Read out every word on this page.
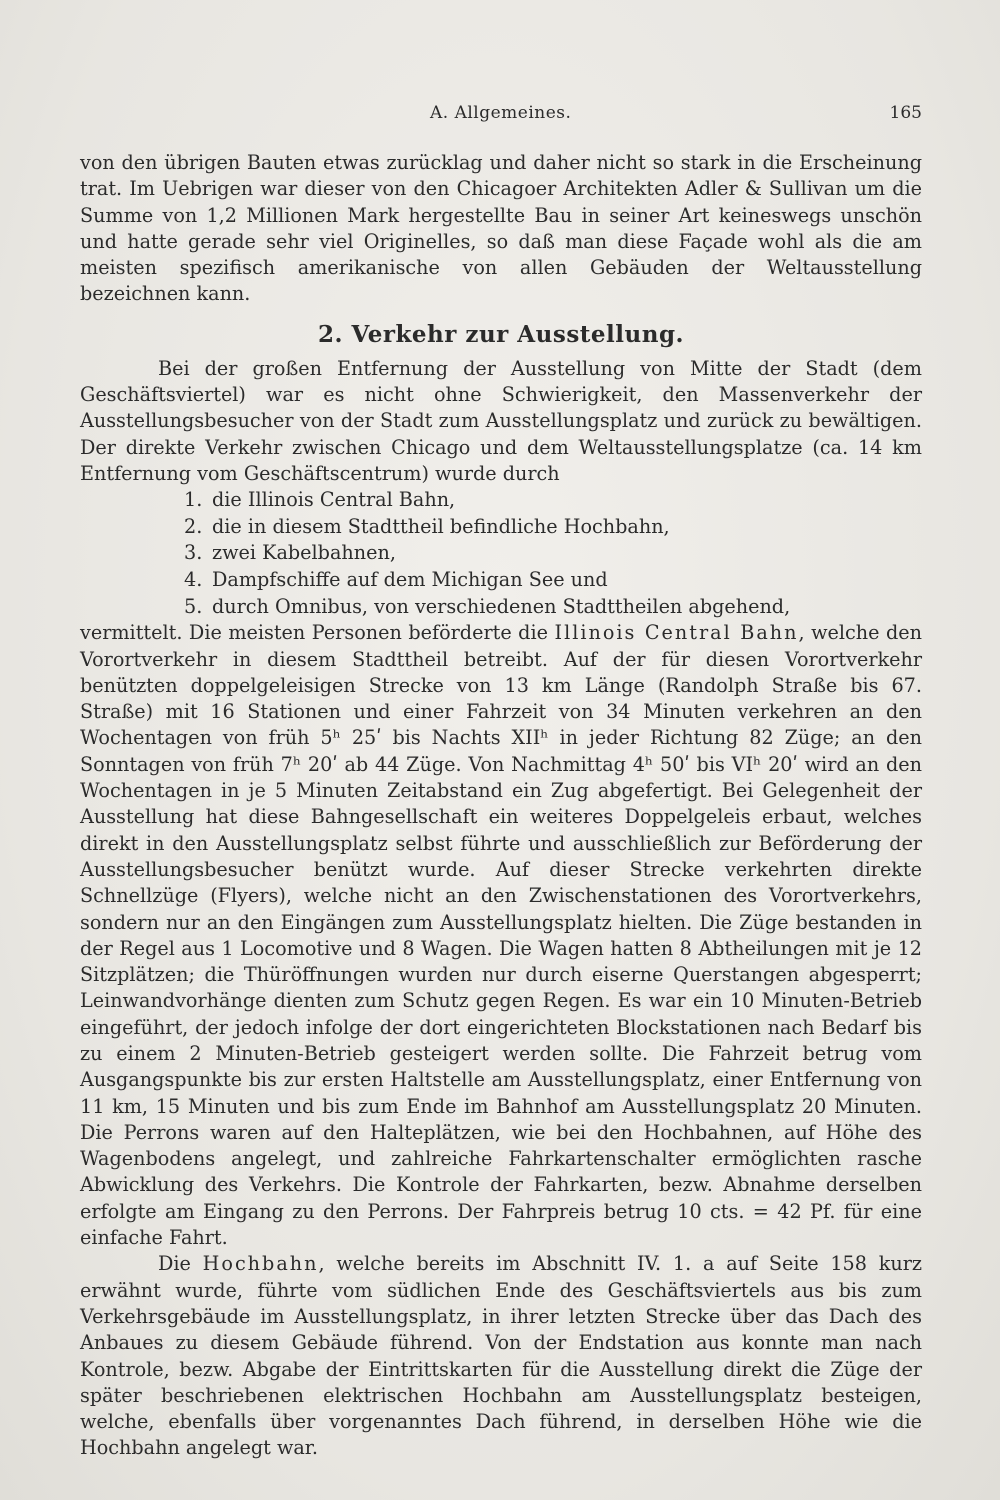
A. Allgemeines.	165

von den übrigen Bauten etwas zurücklag und daher nicht so stark in die Erscheinung trat. Im Uebrigen war dieser von den Chicagoer Architekten Adler & Sullivan um die Summe von 1,2 Millionen Mark hergestellte Bau in seiner Art keineswegs unschön und hatte gerade sehr viel Originelles, so daß man diese Façade wohl als die am meisten spezifisch amerikanische von allen Gebäuden der Weltausstellung bezeichnen kann.

2. Verkehr zur Ausstellung.

Bei der großen Entfernung der Ausstellung von Mitte der Stadt (dem Geschäftsviertel) war es nicht ohne Schwierigkeit, den Massenverkehr der Ausstellungsbesucher von der Stadt zum Ausstellungsplatz und zurück zu bewältigen. Der direkte Verkehr zwischen Chicago und dem Weltausstellungsplatze (ca. 14 km Entfernung vom Geschäftscentrum) wurde durch

1. die Illinois Central Bahn,
2. die in diesem Stadttheil befindliche Hochbahn,
3. zwei Kabelbahnen,
4. Dampfschiffe auf dem Michigan See und
5. durch Omnibus, von verschiedenen Stadttheilen abgehend,

vermittelt. Die meisten Personen beförderte die Illinois Central Bahn, welche den Vorortverkehr in diesem Stadttheil betreibt. Auf der für diesen Vorortverkehr benützten doppelgeleisigen Strecke von 13 km Länge (Randolph Straße bis 67. Straße) mit 16 Stationen und einer Fahrzeit von 34 Minuten verkehren an den Wochentagen von früh 5ʰ 25ʹ bis Nachts XIIʰ in jeder Richtung 82 Züge; an den Sonntagen von früh 7ʰ 20ʹ ab 44 Züge. Von Nachmittag 4ʰ 50ʹ bis VIʰ 20ʹ wird an den Wochentagen in je 5 Minuten Zeitabstand ein Zug abgefertigt. Bei Gelegenheit der Ausstellung hat diese Bahngesellschaft ein weiteres Doppelgeleis erbaut, welches direkt in den Ausstellungsplatz selbst führte und ausschließlich zur Beförderung der Ausstellungsbesucher benützt wurde. Auf dieser Strecke verkehrten direkte Schnellzüge (Flyers), welche nicht an den Zwischenstationen des Vorortverkehrs, sondern nur an den Eingängen zum Ausstellungsplatz hielten. Die Züge bestanden in der Regel aus 1 Locomotive und 8 Wagen. Die Wagen hatten 8 Abtheilungen mit je 12 Sitzplätzen; die Thüröffnungen wurden nur durch eiserne Querstangen abgesperrt; Leinwandvorhänge dienten zum Schutz gegen Regen. Es war ein 10 Minuten-Betrieb eingeführt, der jedoch infolge der dort eingerichteten Blockstationen nach Bedarf bis zu einem 2 Minuten-Betrieb gesteigert werden sollte. Die Fahrzeit betrug vom Ausgangspunkte bis zur ersten Haltstelle am Ausstellungsplatz, einer Entfernung von 11 km, 15 Minuten und bis zum Ende im Bahnhof am Ausstellungsplatz 20 Minuten. Die Perrons waren auf den Halteplätzen, wie bei den Hochbahnen, auf Höhe des Wagenbodens angelegt, und zahlreiche Fahrkartenschalter ermöglichten rasche Abwicklung des Verkehrs. Die Kontrole der Fahrkarten, bezw. Abnahme derselben erfolgte am Eingang zu den Perrons. Der Fahrpreis betrug 10 cts. = 42 Pf. für eine einfache Fahrt.

Die Hochbahn, welche bereits im Abschnitt IV. 1. a auf Seite 158 kurz erwähnt wurde, führte vom südlichen Ende des Geschäftsviertels aus bis zum Verkehrsgebäude im Ausstellungsplatz, in ihrer letzten Strecke über das Dach des Anbaues zu diesem Gebäude führend. Von der Endstation aus konnte man nach Kontrole, bezw. Abgabe der Eintrittskarten für die Ausstellung direkt die Züge der später beschriebenen elektrischen Hochbahn am Ausstellungsplatz besteigen, welche, ebenfalls über vorgenanntes Dach führend, in derselben Höhe wie die Hochbahn angelegt war.
